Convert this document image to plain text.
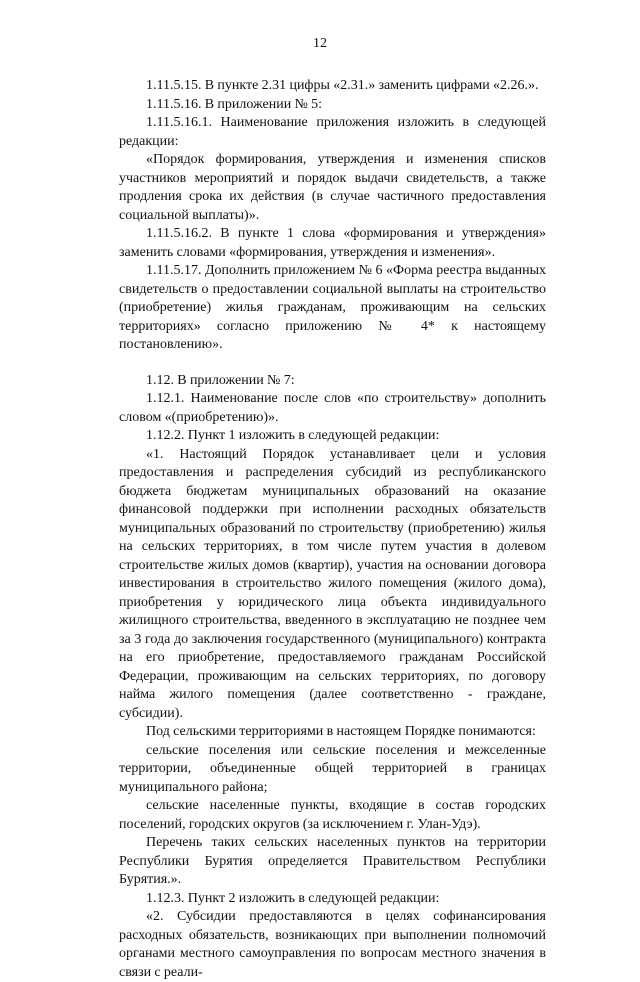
12

1.11.5.15. В пункте 2.31 цифры «2.31.» заменить цифрами «2.26.».

1.11.5.16. В приложении № 5:

1.11.5.16.1. Наименование приложения изложить в следующей редакции:

«Порядок формирования, утверждения и изменения списков участников мероприятий и порядок выдачи свидетельств, а также продления срока их действия (в случае частичного предоставления социальной выплаты)».

1.11.5.16.2. В пункте 1 слова «формирования и утверждения» заменить словами «формирования, утверждения и изменения».

1.11.5.17. Дополнить приложением № 6 «Форма реестра выданных свидетельств о предоставлении социальной выплаты на строительство (приобретение) жилья гражданам, проживающим на сельских территориях» согласно приложению № 4* к настоящему постановлению».

1.12. В приложении № 7:

1.12.1. Наименование после слов «по строительству» дополнить словом «(приобретению)».

1.12.2. Пункт 1 изложить в следующей редакции:

«1. Настоящий Порядок устанавливает цели и условия предоставления и распределения субсидий из республиканского бюджета бюджетам муниципальных образований на оказание финансовой поддержки при исполнении расходных обязательств муниципальных образований по строительству (приобретению) жилья на сельских территориях, в том числе путем участия в долевом строительстве жилых домов (квартир), участия на основании договора инвестирования в строительство жилого помещения (жилого дома), приобретения у юридического лица объекта индивидуального жилищного строительства, введенного в эксплуатацию не позднее чем за 3 года до заключения государственного (муниципального) контракта на его приобретение, предоставляемого гражданам Российской Федерации, проживающим на сельских территориях, по договору найма жилого помещения (далее соответственно - граждане, субсидии).

Под сельскими территориями в настоящем Порядке понимаются:

сельские поселения или сельские поселения и межселенные территории, объединенные общей территорией в границах муниципального района;

сельские населенные пункты, входящие в состав городских поселений, городских округов (за исключением г. Улан-Удэ).

Перечень таких сельских населенных пунктов на территории Республики Бурятия определяется Правительством Республики Бурятия.».

1.12.3. Пункт 2 изложить в следующей редакции:

«2. Субсидии предоставляются в целях софинансирования расходных обязательств, возникающих при выполнении полномочий органами местного самоуправления по вопросам местного значения в связи с реали-
